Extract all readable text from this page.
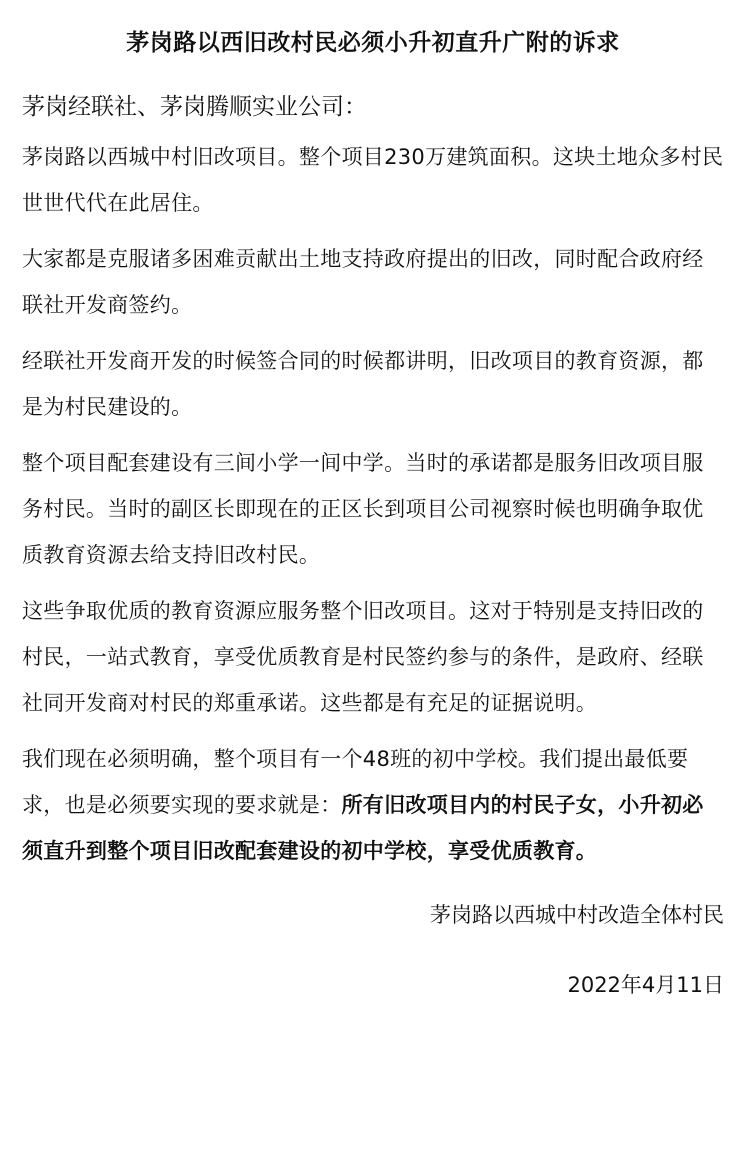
茅岗路以西旧改村民必须小升初直升广附的诉求
茅岗经联社、茅岗腾顺实业公司：
茅岗路以西城中村旧改项目。整个项目230万建筑面积。这块土地众多村民世世代代在此居住。
大家都是克服诸多困难贡献出土地支持政府提出的旧改，同时配合政府经联社开发商签约。
经联社开发商开发的时候签合同的时候都讲明，旧改项目的教育资源，都是为村民建设的。
整个项目配套建设有三间小学一间中学。当时的承诺都是服务旧改项目服务村民。当时的副区长即现在的正区长到项目公司视察时候也明确争取优质教育资源去给支持旧改村民。
这些争取优质的教育资源应服务整个旧改项目。这对于特别是支持旧改的村民，一站式教育，享受优质教育是村民签约参与的条件，是政府、经联社同开发商对村民的郑重承诺。这些都是有充足的证据说明。
我们现在必须明确，整个项目有一个48班的初中学校。我们提出最低要求，也是必须要实现的要求就是：所有旧改项目内的村民子女，小升初必须直升到整个项目旧改配套建设的初中学校，享受优质教育。
茅岗路以西城中村改造全体村民
2022年4月11日
